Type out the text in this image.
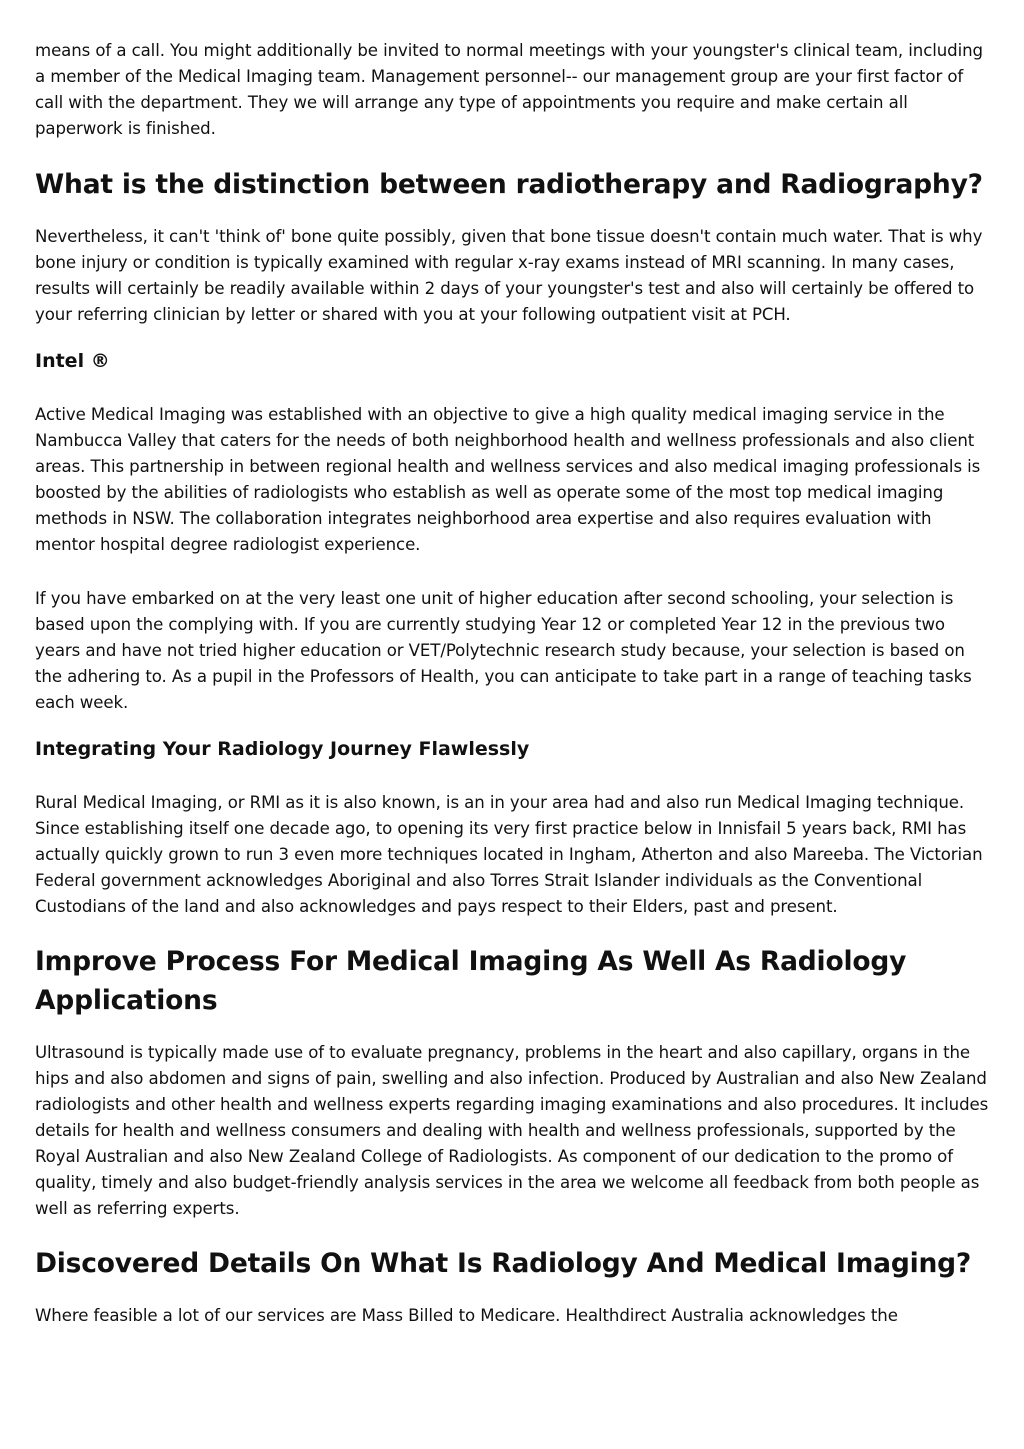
means of a call. You might additionally be invited to normal meetings with your youngster's clinical team, including a member of the Medical Imaging team. Management personnel-- our management group are your first factor of call with the department. They we will arrange any type of appointments you require and make certain all paperwork is finished.

What is the distinction between radiotherapy and Radiography?

Nevertheless, it can't 'think of' bone quite possibly, given that bone tissue doesn't contain much water. That is why bone injury or condition is typically examined with regular x-ray exams instead of MRI scanning. In many cases, results will certainly be readily available within 2 days of your youngster's test and also will certainly be offered to your referring clinician by letter or shared with you at your following outpatient visit at PCH.

Intel ®

Active Medical Imaging was established with an objective to give a high quality medical imaging service in the Nambucca Valley that caters for the needs of both neighborhood health and wellness professionals and also client areas. This partnership in between regional health and wellness services and also medical imaging professionals is boosted by the abilities of radiologists who establish as well as operate some of the most top medical imaging methods in NSW. The collaboration integrates neighborhood area expertise and also requires evaluation with mentor hospital degree radiologist experience.

If you have embarked on at the very least one unit of higher education after second schooling, your selection is based upon the complying with. If you are currently studying Year 12 or completed Year 12 in the previous two years and have not tried higher education or VET/Polytechnic research study because, your selection is based on the adhering to. As a pupil in the Professors of Health, you can anticipate to take part in a range of teaching tasks each week.

Integrating Your Radiology Journey Flawlessly

Rural Medical Imaging, or RMI as it is also known, is an in your area had and also run Medical Imaging technique. Since establishing itself one decade ago, to opening its very first practice below in Innisfail 5 years back, RMI has actually quickly grown to run 3 even more techniques located in Ingham, Atherton and also Mareeba. The Victorian Federal government acknowledges Aboriginal and also Torres Strait Islander individuals as the Conventional Custodians of the land and also acknowledges and pays respect to their Elders, past and present.

Improve Process For Medical Imaging As Well As Radiology Applications

Ultrasound is typically made use of to evaluate pregnancy, problems in the heart and also capillary, organs in the hips and also abdomen and signs of pain, swelling and also infection. Produced by Australian and also New Zealand radiologists and other health and wellness experts regarding imaging examinations and also procedures. It includes details for health and wellness consumers and dealing with health and wellness professionals, supported by the Royal Australian and also New Zealand College of Radiologists. As component of our dedication to the promo of quality, timely and also budget-friendly analysis services in the area we welcome all feedback from both people as well as referring experts.

Discovered Details On What Is Radiology And Medical Imaging?

Where feasible a lot of our services are Mass Billed to Medicare. Healthdirect Australia acknowledges the
